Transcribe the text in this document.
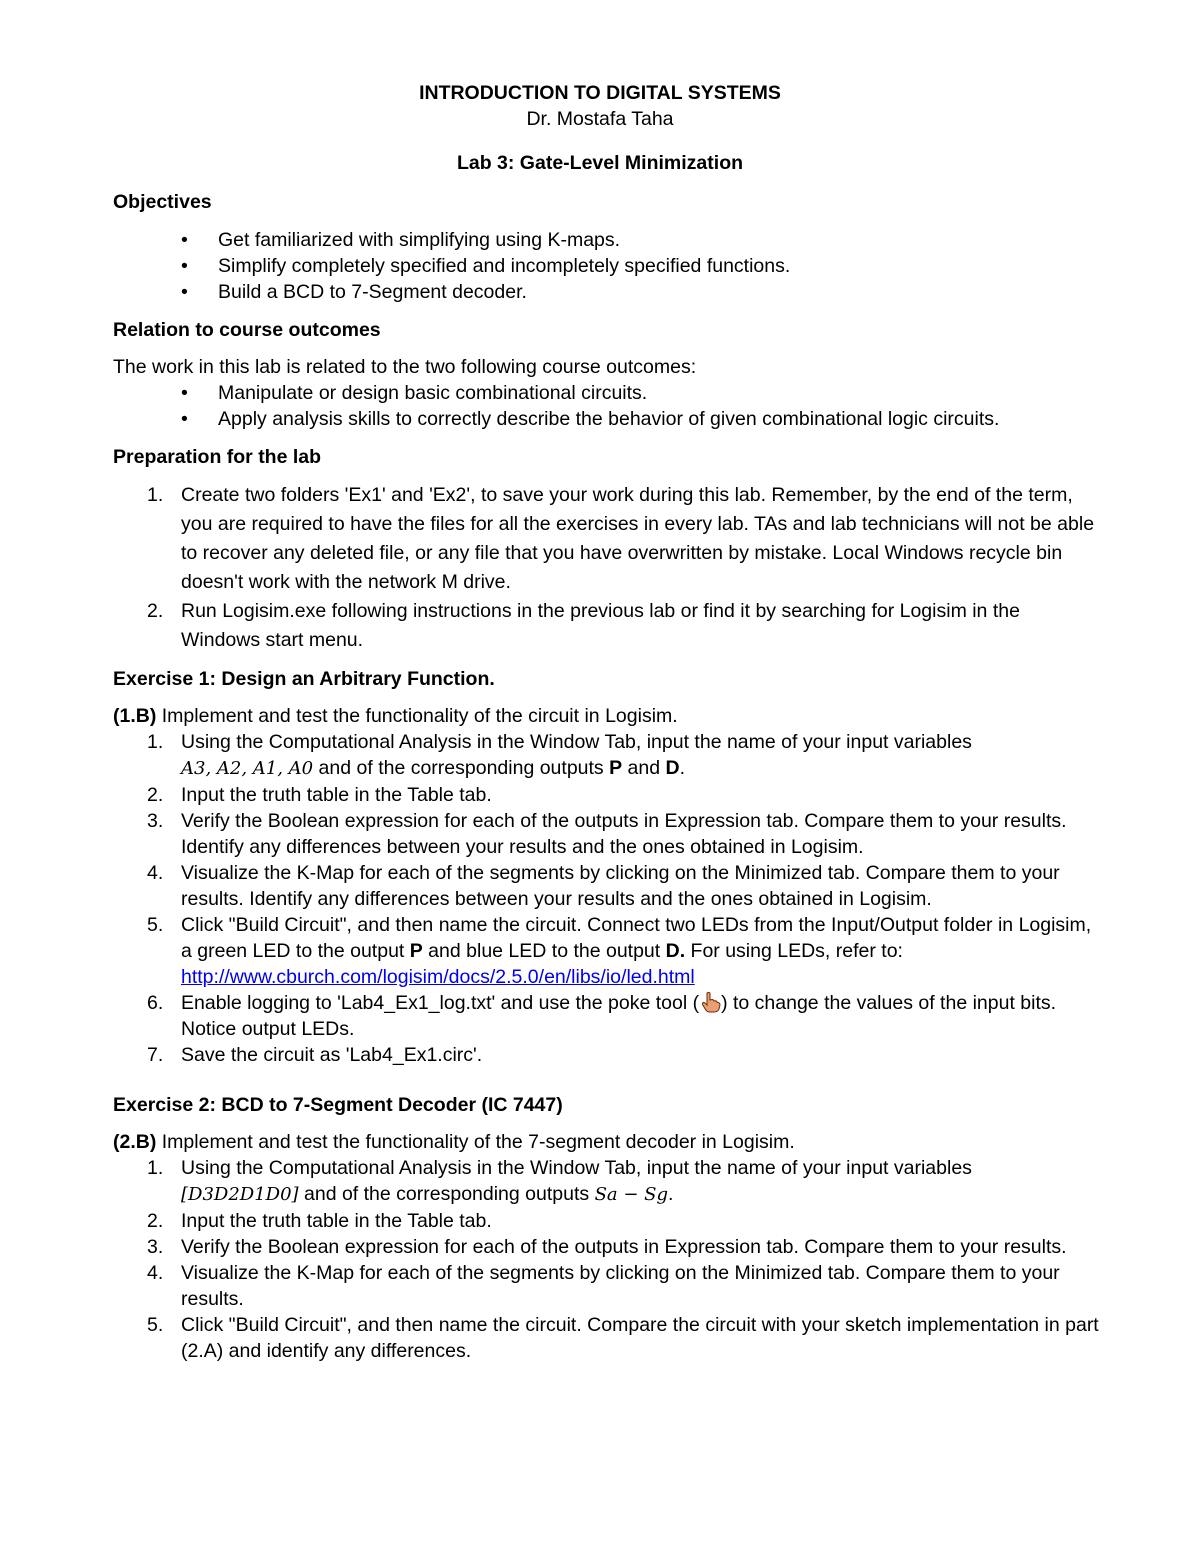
INTRODUCTION TO DIGITAL SYSTEMS

Dr. Mostafa Taha

Lab 3: Gate-Level Minimization

Objectives

• Get familiarized with simplifying using K-maps.
• Simplify completely specified and incompletely specified functions.
• Build a BCD to 7-Segment decoder.

Relation to course outcomes

The work in this lab is related to the two following course outcomes:

• Manipulate or design basic combinational circuits.
• Apply analysis skills to correctly describe the behavior of given combinational logic circuits.

Preparation for the lab

1. Create two folders 'Ex1' and 'Ex2', to save your work during this lab. Remember, by the end of the term, you are required to have the files for all the exercises in every lab. TAs and lab technicians will not be able to recover any deleted file, or any file that you have overwritten by mistake. Local Windows recycle bin doesn't work with the network M drive.
2. Run Logisim.exe following instructions in the previous lab or find it by searching for Logisim in the Windows start menu.

Exercise 1: Design an Arbitrary Function.

(1.B) Implement and test the functionality of the circuit in Logisim.

1. Using the Computational Analysis in the Window Tab, input the name of your input variables
A3, A2, A1, A0 and of the corresponding outputs P and D.
2. Input the truth table in the Table tab.
3. Verify the Boolean expression for each of the outputs in Expression tab. Compare them to your results. Identify any differences between your results and the ones obtained in Logisim.
4. Visualize the K-Map for each of the segments by clicking on the Minimized tab. Compare them to your results. Identify any differences between your results and the ones obtained in Logisim.
5. Click "Build Circuit", and then name the circuit. Connect two LEDs from the Input/Output folder in Logisim, a green LED to the output P and blue LED to the output D. For using LEDs, refer to: http://www.cburch.com/logisim/docs/2.5.0/en/libs/io/led.html
6. Enable logging to 'Lab4_Ex1_log.txt' and use the poke tool ( ) to change the values of the input bits. Notice output LEDs.
7. Save the circuit as 'Lab4_Ex1.circ'.

Exercise 2: BCD to 7-Segment Decoder (IC 7447)

(2.B) Implement and test the functionality of the 7-segment decoder in Logisim.

1. Using the Computational Analysis in the Window Tab, input the name of your input variables
[D3D2D1D0] and of the corresponding outputs Sa − Sg.
2. Input the truth table in the Table tab.
3. Verify the Boolean expression for each of the outputs in Expression tab. Compare them to your results.
4. Visualize the K-Map for each of the segments by clicking on the Minimized tab. Compare them to your results.
5. Click "Build Circuit", and then name the circuit. Compare the circuit with your sketch implementation in part (2.A) and identify any differences.
